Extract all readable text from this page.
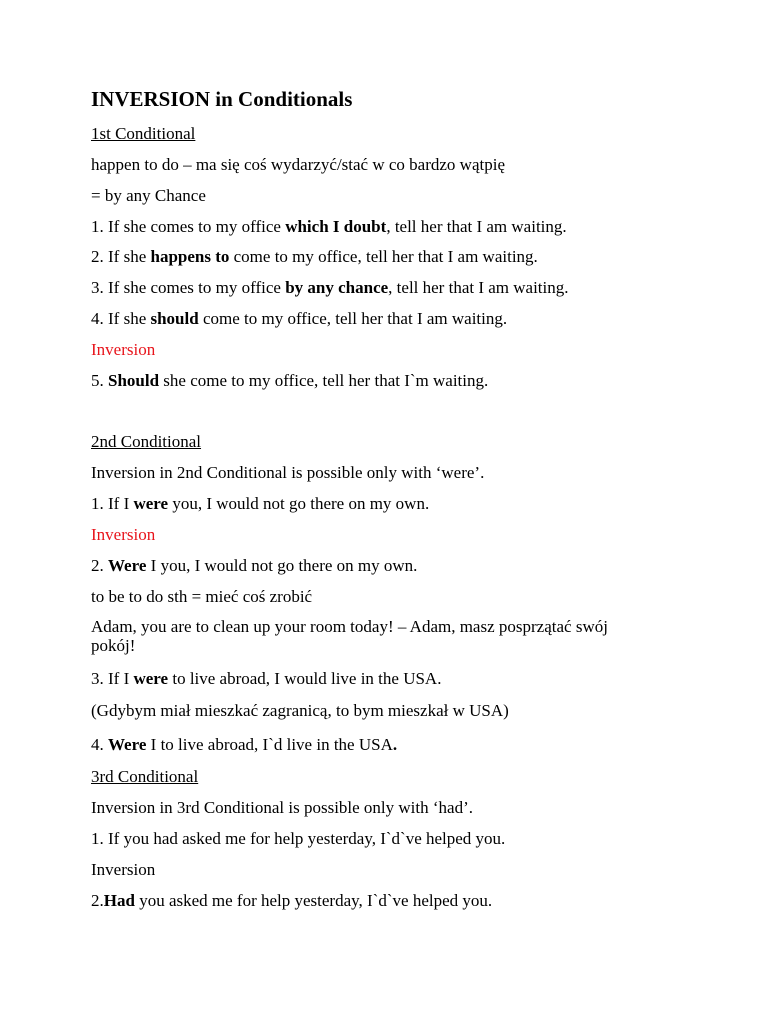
INVERSION in Conditionals
1st Conditional
happen to do – ma się coś wydarzyć/stać w co bardzo wątpię
= by any Chance
1. If she comes to my office which I doubt, tell her that I am waiting.
2. If she happens to come to my office, tell her that I am waiting.
3. If she comes to my office by any chance, tell her that I am waiting.
4. If she should come to my office, tell her that I am waiting.
Inversion
5. Should she come to my office, tell her that I`m waiting.
2nd Conditional
Inversion in 2nd Conditional is possible only with ‘were’.
1. If I were you, I would not go there on my own.
Inversion
2. Were I you, I would not go there on my own.
to be to do sth = mieć coś zrobić
Adam, you are to clean up your room today! – Adam, masz posprzątać swój pokój!
3. If I were to live abroad, I would live in the USA.
(Gdybym miał mieszkać zagranicą, to bym mieszkał w USA)
4. Were I to live abroad, I`d live in the USA.
3rd Conditional
Inversion in 3rd Conditional is possible only with ‘had’.
1. If you had asked me for help yesterday, I`d`ve helped you.
Inversion
2.Had you asked me for help yesterday, I`d`ve helped you.
